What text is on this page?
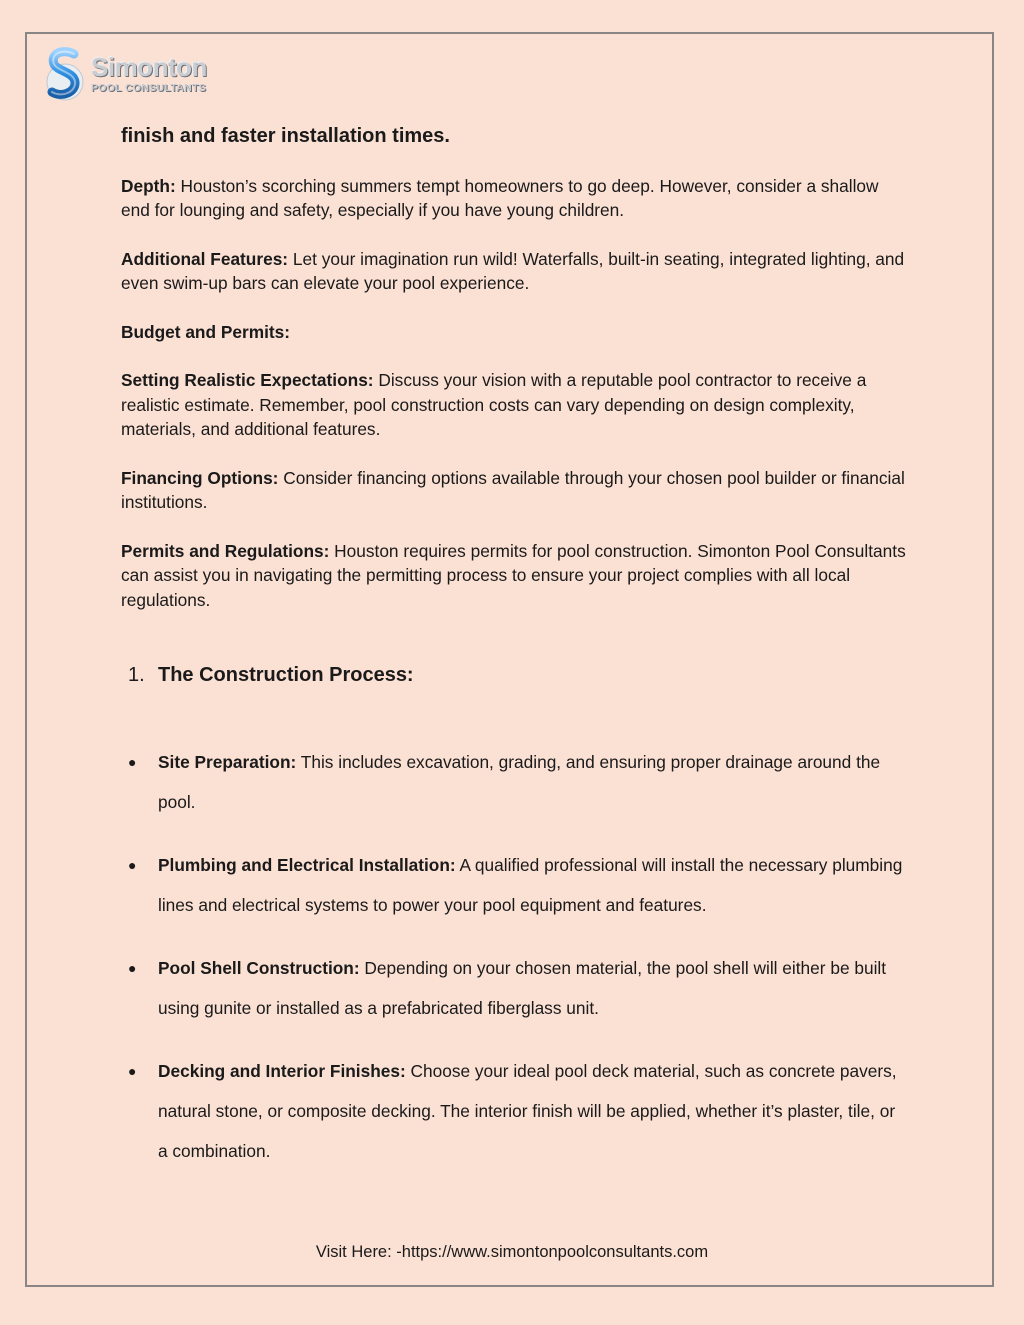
Simonton
POOL CONSULTANTS
finish and faster installation times.

Depth: Houston’s scorching summers tempt homeowners to go deep. However, consider a shallow end for lounging and safety, especially if you have young children.

Additional Features: Let your imagination run wild! Waterfalls, built-in seating, integrated lighting, and even swim-up bars can elevate your pool experience.

Budget and Permits:

Setting Realistic Expectations: Discuss your vision with a reputable pool contractor to receive a realistic estimate. Remember, pool construction costs can vary depending on design complexity, materials, and additional features.

Financing Options: Consider financing options available through your chosen pool builder or financial institutions.

Permits and Regulations: Houston requires permits for pool construction. Simonton Pool Consultants can assist you in navigating the permitting process to ensure your project complies with all local regulations.

1. The Construction Process:
● Site Preparation: This includes excavation, grading, and ensuring proper drainage around the pool.
● Plumbing and Electrical Installation: A qualified professional will install the necessary plumbing lines and electrical systems to power your pool equipment and features.
● Pool Shell Construction: Depending on your chosen material, the pool shell will either be built using gunite or installed as a prefabricated fiberglass unit.
● Decking and Interior Finishes: Choose your ideal pool deck material, such as concrete pavers, natural stone, or composite decking. The interior finish will be applied, whether it’s plaster, tile, or a combination.
Visit Here: -https://www.simontonpoolconsultants.com
